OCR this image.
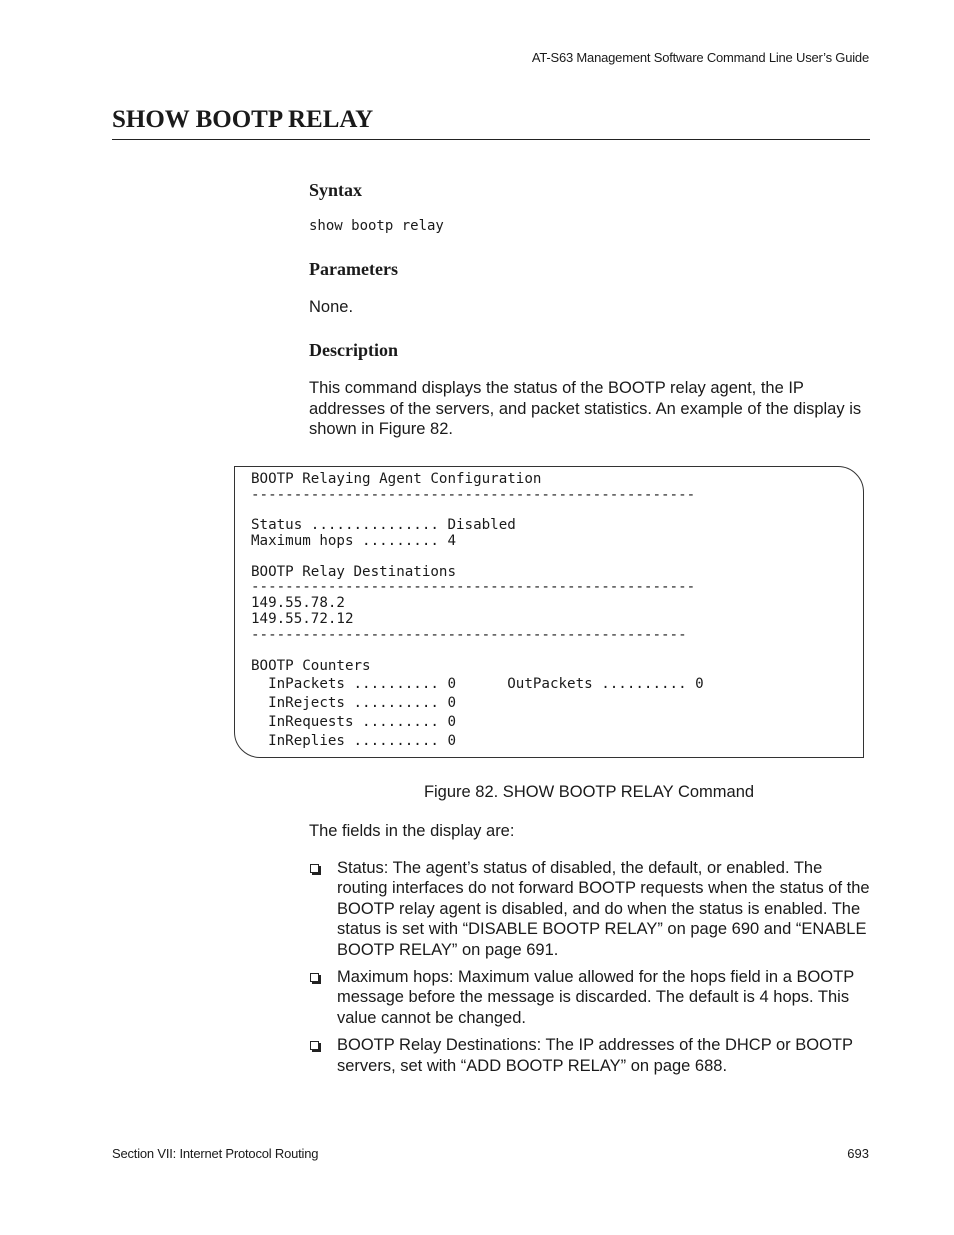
AT-S63 Management Software Command Line User’s Guide
SHOW BOOTP RELAY
Syntax
show bootp relay
Parameters
None.
Description
This command displays the status of the BOOTP relay agent, the IP addresses of the servers, and packet statistics. An example of the display is shown in Figure 82.
BOOTP Relaying Agent Configuration
----------------------------------------------------
Status ............... Disabled
Maximum hops ......... 4
BOOTP Relay Destinations
----------------------------------------------------
149.55.78.2
149.55.72.12
---------------------------------------------------
BOOTP Counters
InPackets .......... 0      OutPackets .......... 0
InRejects .......... 0
InRequests ......... 0
InReplies .......... 0
Figure 82. SHOW BOOTP RELAY Command
The fields in the display are:
Status: The agent’s status of disabled, the default, or enabled. The routing interfaces do not forward BOOTP requests when the status of the BOOTP relay agent is disabled, and do when the status is enabled. The status is set with “DISABLE BOOTP RELAY” on page 690 and “ENABLE BOOTP RELAY” on page 691.
Maximum hops: Maximum value allowed for the hops field in a BOOTP message before the message is discarded. The default is 4 hops. This value cannot be changed.
BOOTP Relay Destinations: The IP addresses of the DHCP or BOOTP servers, set with “ADD BOOTP RELAY” on page 688.
Section VII: Internet Protocol Routing	693
